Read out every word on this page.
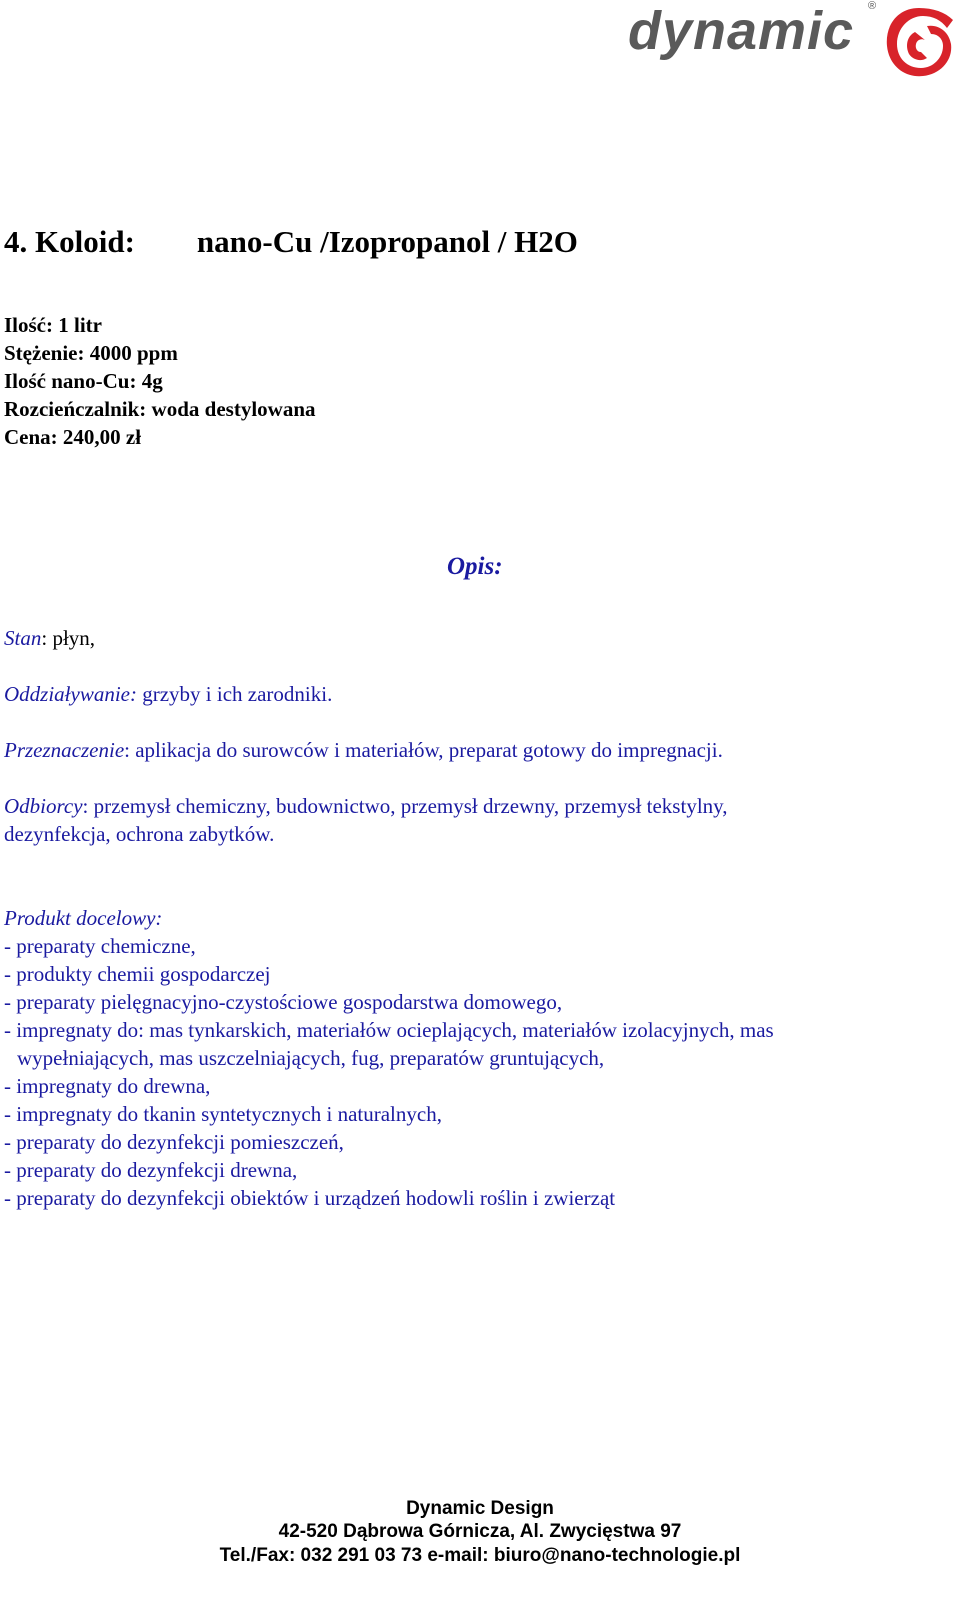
dynamic ®
4. Koloid:        nano-Cu /Izopropanol / H2O
Ilość: 1 litr
Stężenie: 4000 ppm
Ilość nano-Cu: 4g
Rozcieńczalnik: woda destylowana
Cena: 240,00 zł
Opis:
Stan: płyn,
Oddziaływanie: grzyby i ich zarodniki.
Przeznaczenie: aplikacja do surowców i materiałów, preparat gotowy do impregnacji.
Odbiorcy: przemysł chemiczny, budownictwo, przemysł drzewny, przemysł tekstylny,
dezynfekcja, ochrona zabytków.
Produkt docelowy:
- preparaty chemiczne,
- produkty chemii gospodarczej
- preparaty pielęgnacyjno-czystościowe gospodarstwa domowego,
- impregnaty do: mas tynkarskich, materiałów ocieplających, materiałów izolacyjnych, mas
wypełniających, mas uszczelniających, fug, preparatów gruntujących,
- impregnaty do drewna,
- impregnaty do tkanin syntetycznych i naturalnych,
- preparaty do dezynfekcji pomieszczeń,
- preparaty do dezynfekcji drewna,
- preparaty do dezynfekcji obiektów i urządzeń hodowli roślin i zwierząt
Dynamic Design
42-520 Dąbrowa Górnicza, Al. Zwycięstwa 97
Tel./Fax: 032 291 03 73 e-mail: biuro@nano-technologie.pl
